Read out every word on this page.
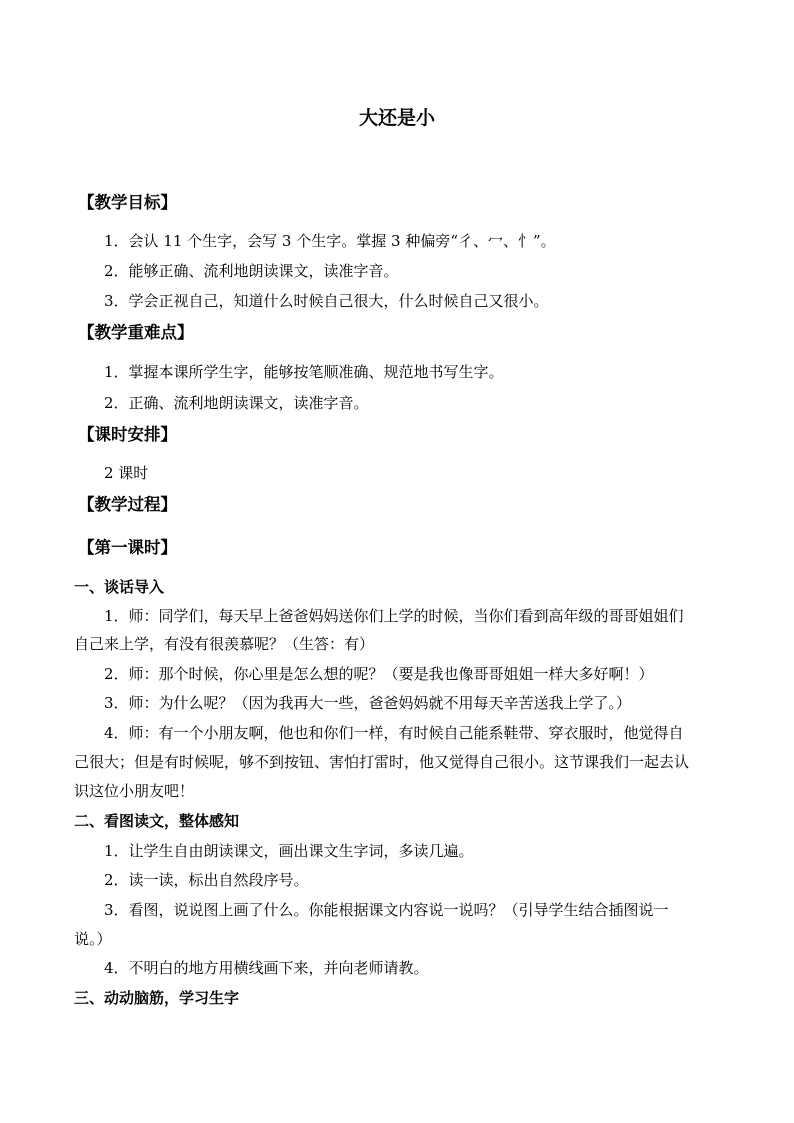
大还是小
【教学目标】
1．会认 11 个生字，会写 3 个生字。掌握 3 种偏旁“彳、冖、忄”。
2．能够正确、流利地朗读课文，读准字音。
3．学会正视自己，知道什么时候自己很大，什么时候自己又很小。
【教学重难点】
1．掌握本课所学生字，能够按笔顺准确、规范地书写生字。
2．正确、流利地朗读课文，读准字音。
【课时安排】
2 课时
【教学过程】
【第一课时】
一、谈话导入
1．师：同学们，每天早上爸爸妈妈送你们上学的时候，当你们看到高年级的哥哥姐姐们
自己来上学，有没有很羡慕呢？（生答：有）
2．师：那个时候，你心里是怎么想的呢？（要是我也像哥哥姐姐一样大多好啊！）
3．师：为什么呢？（因为我再大一些，爸爸妈妈就不用每天辛苦送我上学了。）
4．师：有一个小朋友啊，他也和你们一样，有时候自己能系鞋带、穿衣服时，他觉得自
己很大；但是有时候呢，够不到按钮、害怕打雷时，他又觉得自己很小。这节课我们一起去认
识这位小朋友吧！
二、看图读文，整体感知
1．让学生自由朗读课文，画出课文生字词，多读几遍。
2．读一读，标出自然段序号。
3．看图，说说图上画了什么。你能根据课文内容说一说吗？（引导学生结合插图说一
说。）
4．不明白的地方用横线画下来，并向老师请教。
三、动动脑筋，学习生字
